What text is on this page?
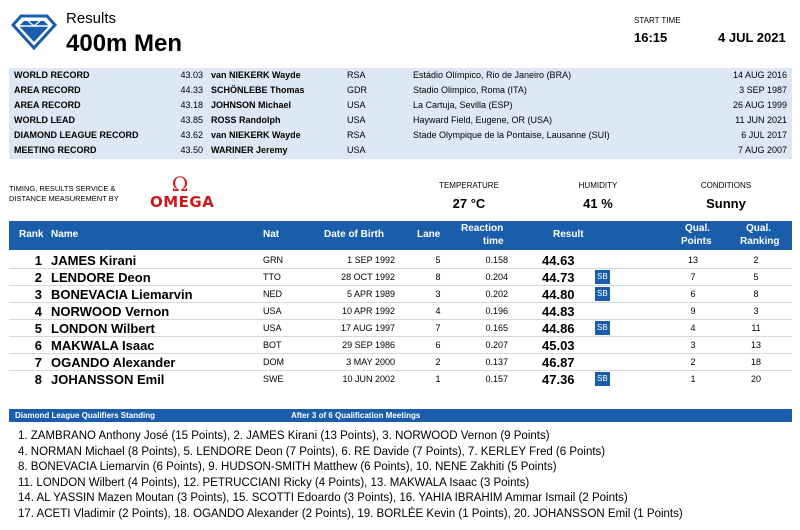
Results
400m Men
START TIME
16:15	4 JUL 2021
WORLD RECORD	43.03 van NIEKERK Wayde	RSA	Estádio Olímpico, Rio de Janeiro (BRA)	14 AUG 2016
AREA RECORD	44.33 SCHÖNLEBE Thomas	GDR	Stadio Olimpico, Roma (ITA)	3 SEP 1987
AREA RECORD	43.18 JOHNSON Michael	USA	La Cartuja, Sevilla (ESP)	26 AUG 1999
WORLD LEAD	43.85 ROSS Randolph	USA	Hayward Field, Eugene, OR (USA)	11 JUN 2021
DIAMOND LEAGUE RECORD	43.62 van NIEKERK Wayde	RSA	Stade Olympique de la Pontaise, Lausanne (SUI)	6 JUL 2017
MEETING RECORD	43.50 WARINER Jeremy	USA	7 AUG 2007
TIMING, RESULTS SERVICE &
DISTANCE MEASUREMENT BY
Ω
OMEGA
TEMPERATURE
27 °C
HUMIDITY
41 %
CONDITIONS
Sunny
Rank Name	Nat	Date of Birth	Lane
Reaction
time
Result
Qual.
Points
Qual.
Ranking
1 JAMES Kirani	GRN	1 SEP 1992	5	0.158	44.63	13	2
2 LENDORE Deon	TTO	28 OCT 1992	8	0.204	44.73	7	5
SB
3 BONEVACIA Liemarvin	NED	5 APR 1989	3	0.202	44.80	6	8
SB
4 NORWOOD Vernon	USA	10 APR 1992	4	0.196	44.83	9	3
5 LONDON Wilbert	USA	17 AUG 1997	7	0.165	44.86	4	11
SB
6 MAKWALA Isaac	BOT	29 SEP 1986	6	0.207	45.03	3	13
7 OGANDO Alexander	DOM	3 MAY 2000	2	0.137	46.87	2	18
8 JOHANSSON Emil	SWE	10 JUN 2002	1	0.157	47.36	1	20
SB
Diamond League Qualifiers Standing	After 3 of 6 Qualification Meetings
1. ZAMBRANO Anthony José (15 Points), 2. JAMES Kirani (13 Points), 3. NORWOOD Vernon (9 Points)
4. NORMAN Michael (8 Points), 5. LENDORE Deon (7 Points), 6. RE Davide (7 Points), 7. KERLEY Fred (6 Points)
8. BONEVACIA Liemarvin (6 Points), 9. HUDSON-SMITH Matthew (6 Points), 10. NENE Zakhiti (5 Points)
11. LONDON Wilbert (4 Points), 12. PETRUCCIANI Ricky (4 Points), 13. MAKWALA Isaac (3 Points)
14. AL YASSIN Mazen Moutan (3 Points), 15. SCOTTI Edoardo (3 Points), 16. YAHIA IBRAHIM Ammar Ismail (2 Points)
17. ACETI Vladimir (2 Points), 18. OGANDO Alexander (2 Points), 19. BORLÉE Kevin (1 Points), 20. JOHANSSON Emil (1 Points)
